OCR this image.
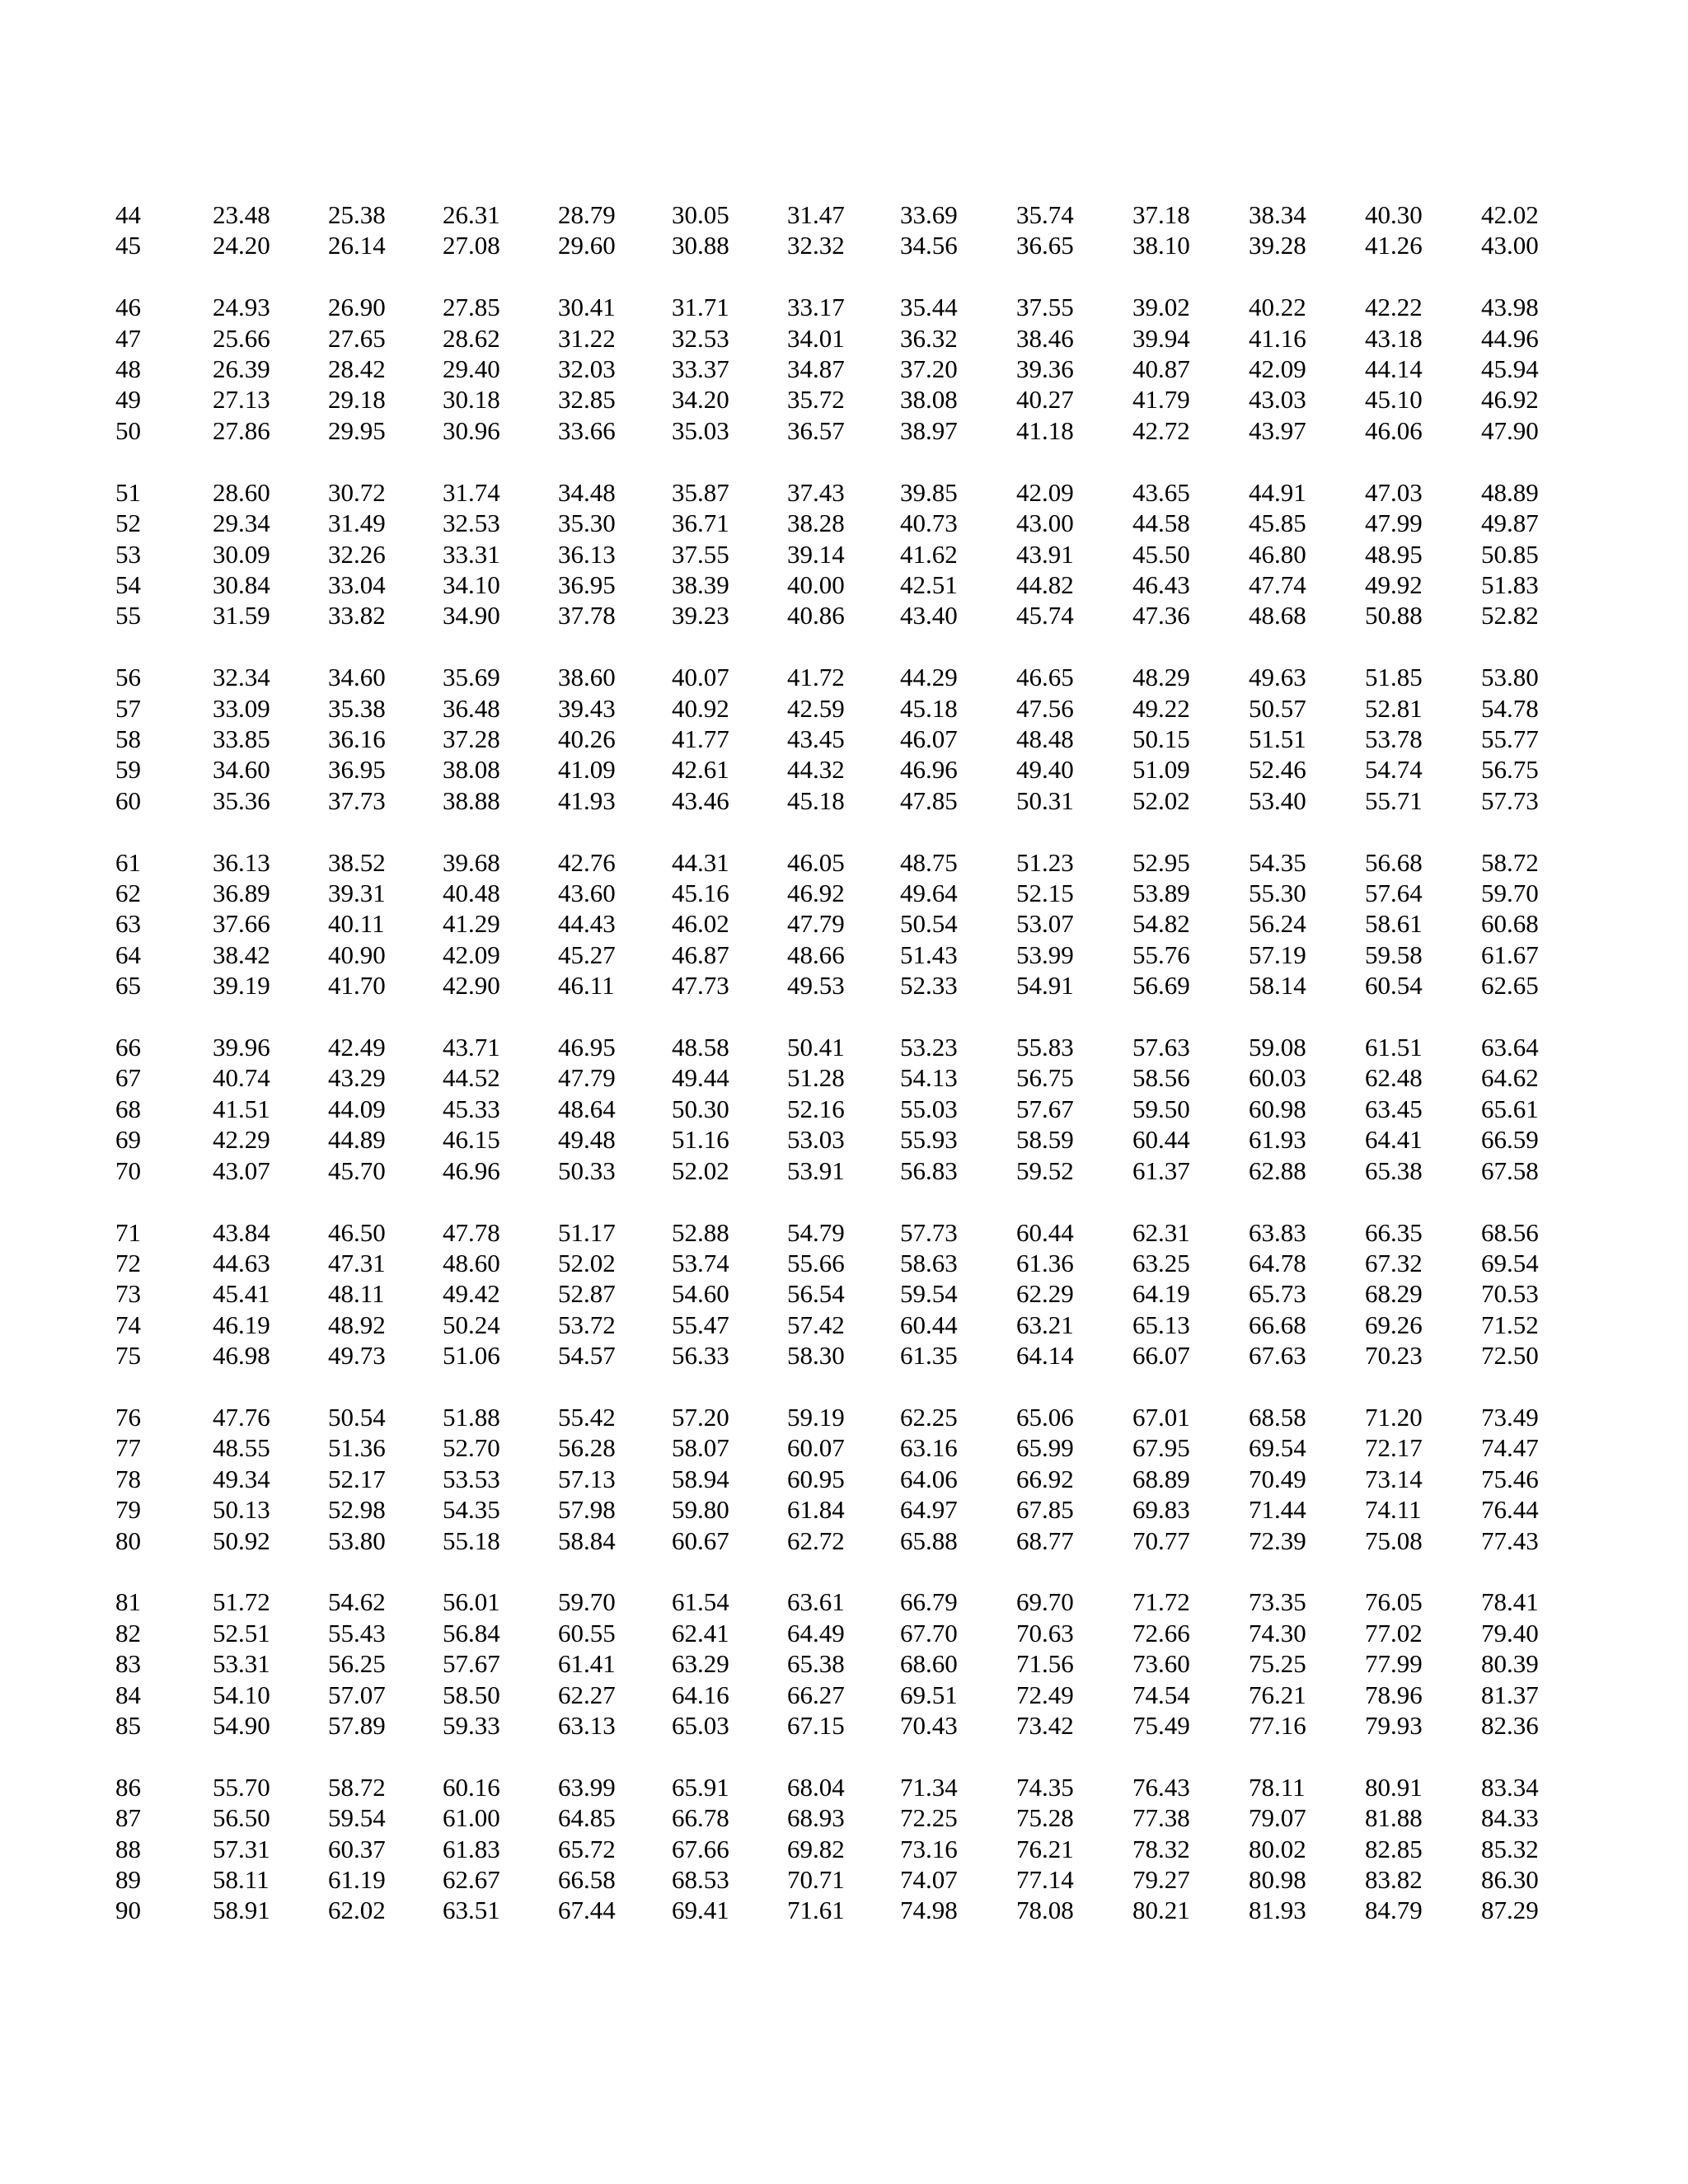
44	23.48 25.38 26.31 28.79 30.05 31.47 33.69 35.74 37.18 38.34 40.30 42.02
45	24.20 26.14 27.08 29.60 30.88 32.32 34.56 36.65 38.10 39.28 41.26 43.00
46	24.93 26.90 27.85 30.41 31.71 33.17 35.44 37.55 39.02 40.22 42.22 43.98
47	25.66 27.65 28.62 31.22 32.53 34.01 36.32 38.46 39.94 41.16 43.18 44.96
48	26.39 28.42 29.40 32.03 33.37 34.87 37.20 39.36 40.87 42.09 44.14 45.94
49	27.13 29.18 30.18 32.85 34.20 35.72 38.08 40.27 41.79 43.03 45.10 46.92
50	27.86 29.95 30.96 33.66 35.03 36.57 38.97 41.18 42.72 43.97 46.06 47.90
51	28.60 30.72 31.74 34.48 35.87 37.43 39.85 42.09 43.65 44.91 47.03 48.89
52	29.34 31.49 32.53 35.30 36.71 38.28 40.73 43.00 44.58 45.85 47.99 49.87
53	30.09 32.26 33.31 36.13 37.55 39.14 41.62 43.91 45.50 46.80 48.95 50.85
54	30.84 33.04 34.10 36.95 38.39 40.00 42.51 44.82 46.43 47.74 49.92 51.83
55	31.59 33.82 34.90 37.78 39.23 40.86 43.40 45.74 47.36 48.68 50.88 52.82
56	32.34 34.60 35.69 38.60 40.07 41.72 44.29 46.65 48.29 49.63 51.85 53.80
57	33.09 35.38 36.48 39.43 40.92 42.59 45.18 47.56 49.22 50.57 52.81 54.78
58	33.85 36.16 37.28 40.26 41.77 43.45 46.07 48.48 50.15 51.51 53.78 55.77
59	34.60 36.95 38.08 41.09 42.61 44.32 46.96 49.40 51.09 52.46 54.74 56.75
60	35.36 37.73 38.88 41.93 43.46 45.18 47.85 50.31 52.02 53.40 55.71 57.73
61	36.13 38.52 39.68 42.76 44.31 46.05 48.75 51.23 52.95 54.35 56.68 58.72
62	36.89 39.31 40.48 43.60 45.16 46.92 49.64 52.15 53.89 55.30 57.64 59.70
63	37.66 40.11 41.29 44.43 46.02 47.79 50.54 53.07 54.82 56.24 58.61 60.68
64	38.42 40.90 42.09 45.27 46.87 48.66 51.43 53.99 55.76 57.19 59.58 61.67
65	39.19 41.70 42.90 46.11 47.73 49.53 52.33 54.91 56.69 58.14 60.54 62.65
66	39.96 42.49 43.71 46.95 48.58 50.41 53.23 55.83 57.63 59.08 61.51 63.64
67	40.74 43.29 44.52 47.79 49.44 51.28 54.13 56.75 58.56 60.03 62.48 64.62
68	41.51 44.09 45.33 48.64 50.30 52.16 55.03 57.67 59.50 60.98 63.45 65.61
69	42.29 44.89 46.15 49.48 51.16 53.03 55.93 58.59 60.44 61.93 64.41 66.59
70	43.07 45.70 46.96 50.33 52.02 53.91 56.83 59.52 61.37 62.88 65.38 67.58
71	43.84 46.50 47.78 51.17 52.88 54.79 57.73 60.44 62.31 63.83 66.35 68.56
72	44.63 47.31 48.60 52.02 53.74 55.66 58.63 61.36 63.25 64.78 67.32 69.54
73	45.41 48.11 49.42 52.87 54.60 56.54 59.54 62.29 64.19 65.73 68.29 70.53
74	46.19 48.92 50.24 53.72 55.47 57.42 60.44 63.21 65.13 66.68 69.26 71.52
75	46.98 49.73 51.06 54.57 56.33 58.30 61.35 64.14 66.07 67.63 70.23 72.50
76	47.76 50.54 51.88 55.42 57.20 59.19 62.25 65.06 67.01 68.58 71.20 73.49
77	48.55 51.36 52.70 56.28 58.07 60.07 63.16 65.99 67.95 69.54 72.17 74.47
78	49.34 52.17 53.53 57.13 58.94 60.95 64.06 66.92 68.89 70.49 73.14 75.46
79	50.13 52.98 54.35 57.98 59.80 61.84 64.97 67.85 69.83 71.44 74.11 76.44
80	50.92 53.80 55.18 58.84 60.67 62.72 65.88 68.77 70.77 72.39 75.08 77.43
81	51.72 54.62 56.01 59.70 61.54 63.61 66.79 69.70 71.72 73.35 76.05 78.41
82	52.51 55.43 56.84 60.55 62.41 64.49 67.70 70.63 72.66 74.30 77.02 79.40
83	53.31 56.25 57.67 61.41 63.29 65.38 68.60 71.56 73.60 75.25 77.99 80.39
84	54.10 57.07 58.50 62.27 64.16 66.27 69.51 72.49 74.54 76.21 78.96 81.37
85	54.90 57.89 59.33 63.13 65.03 67.15 70.43 73.42 75.49 77.16 79.93 82.36
86	55.70 58.72 60.16 63.99 65.91 68.04 71.34 74.35 76.43 78.11 80.91 83.34
87	56.50 59.54 61.00 64.85 66.78 68.93 72.25 75.28 77.38 79.07 81.88 84.33
88	57.31 60.37 61.83 65.72 67.66 69.82 73.16 76.21 78.32 80.02 82.85 85.32
89	58.11 61.19 62.67 66.58 68.53 70.71 74.07 77.14 79.27 80.98 83.82 86.30
90	58.91 62.02 63.51 67.44 69.41 71.61 74.98 78.08 80.21 81.93 84.79 87.29
